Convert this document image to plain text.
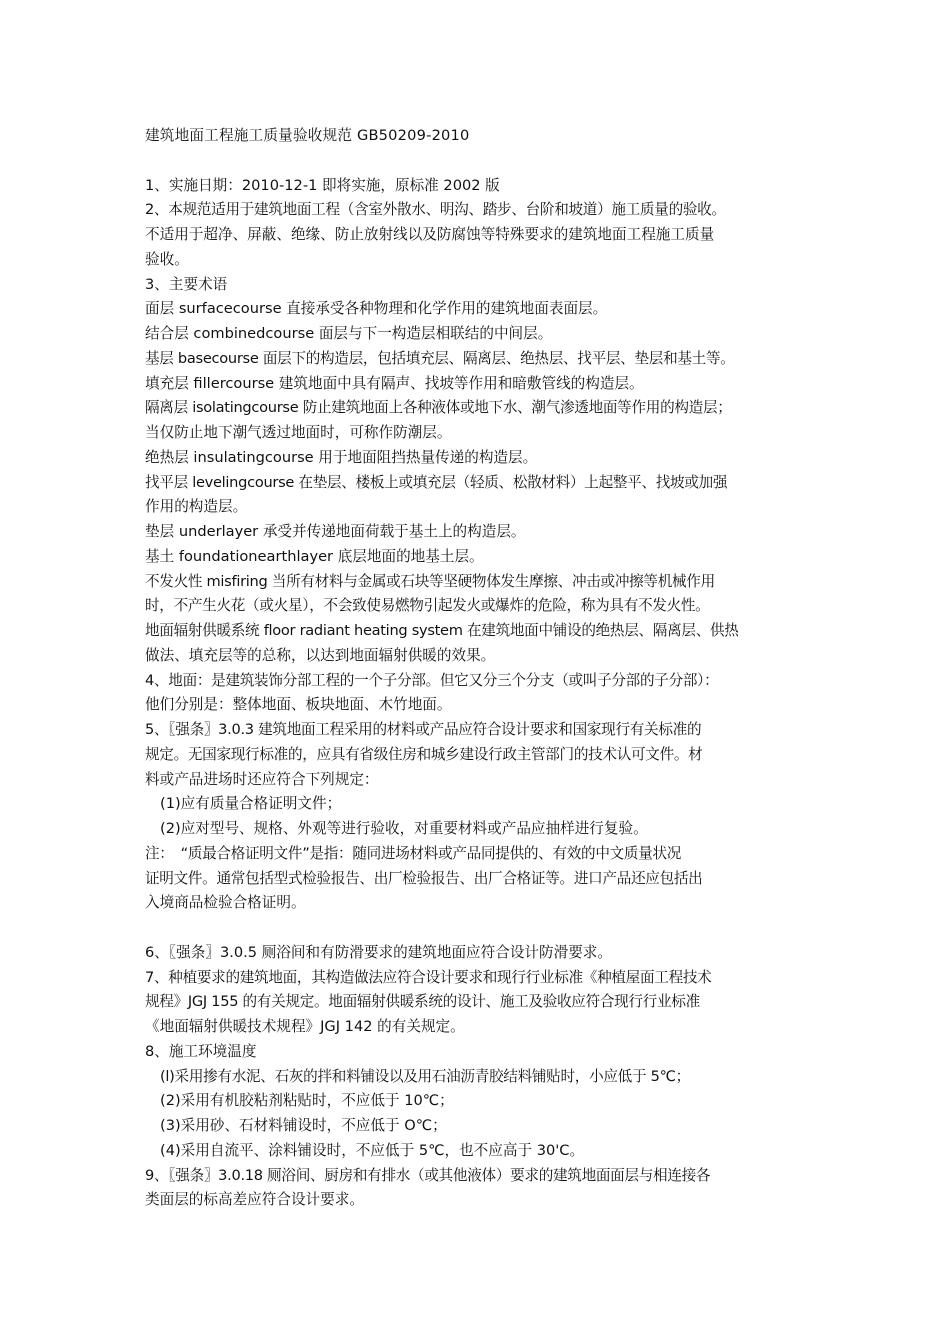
建筑地面工程施工质量验收规范 GB50209-2010
1、实施日期：2010-12-1 即将实施，原标准 2002 版
2、本规范适用于建筑地面工程（含室外散水、明沟、踏步、台阶和坡道）施工质量的验收。
不适用于超净、屏蔽、绝缘、防止放射线以及防腐蚀等特殊要求的建筑地面工程施工质量
验收。
3、主要术语
面层 surfacecourse 直接承受各种物理和化学作用的建筑地面表面层。
结合层 combinedcourse 面层与下一构造层相联结的中间层。
基层 basecourse 面层下的构造层，包括填充层、隔离层、绝热层、找平层、垫层和基土等。
填充层 fillercourse 建筑地面中具有隔声、找坡等作用和暗敷管线的构造层。
隔离层 isolatingcourse 防止建筑地面上各种液体或地下水、潮气渗透地面等作用的构造层；
当仅防止地下潮气透过地面时，可称作防潮层。
绝热层 insulatingcourse 用于地面阻挡热量传递的构造层。
找平层 levelingcourse 在垫层、楼板上或填充层（轻质、松散材料）上起整平、找坡或加强
作用的构造层。
垫层 underlayer 承受并传递地面荷载于基土上的构造层。
基土 foundationearthlayer 底层地面的地基土层。
不发火性 misfiring 当所有材料与金属或石块等坚硬物体发生摩擦、冲击或冲擦等机械作用
时，不产生火花（或火星），不会致使易燃物引起发火或爆炸的危险，称为具有不发火性。
地面辐射供暖系统 floor radiant heating system 在建筑地面中铺设的绝热层、隔离层、供热
做法、填充层等的总称，以达到地面辐射供暖的效果。
4、地面：是建筑装饰分部工程的一个子分部。但它又分三个分支（或叫子分部的子分部）：
他们分别是：整体地面、板块地面、木竹地面。
5、〖强条〗3.0.3 建筑地面工程采用的材料或产品应符合设计要求和国家现行有关标准的
规定。无国家现行标准的，应具有省级住房和城乡建设行政主管部门的技术认可文件。材
料或产品进场时还应符合下列规定：
(1)应有质量合格证明文件；
(2)应对型号、规格、外观等进行验收，对重要材料或产品应抽样进行复验。
注：　“质最合格证明文件”是指：随同进场材料或产品同提供的、有效的中文质量状况
证明文件。通常包括型式检验报告、出厂检验报告、出厂合格证等。进口产品还应包括出
入境商品检验合格证明。
6、〖强条〗3.0.5 厕浴间和有防滑要求的建筑地面应符合设计防滑要求。
7、种植要求的建筑地面，其构造做法应符合设计要求和现行行业标准《种植屋面工程技术
规程》JGJ 155 的有关规定。地面辐射供暖系统的设计、施工及验收应符合现行行业标准
《地面辐射供暖技术规程》JGJ 142 的有关规定。
8、施工环境温度
(l)采用掺有水泥、石灰的拌和料铺设以及用石油沥青胶结料铺贴时，小应低于 5℃；
(2)采用有机胶粘剂粘贴时，不应低于 10℃；
(3)采用砂、石材料铺设时，不应低于 O℃；
(4)采用自流平、涂料铺设时，不应低于 5℃，也不应高于 30'C。
9、〖强条〗3.0.18 厕浴间、厨房和有排水（或其他液体）要求的建筑地面面层与相连接各
类面层的标高差应符合设计要求。
